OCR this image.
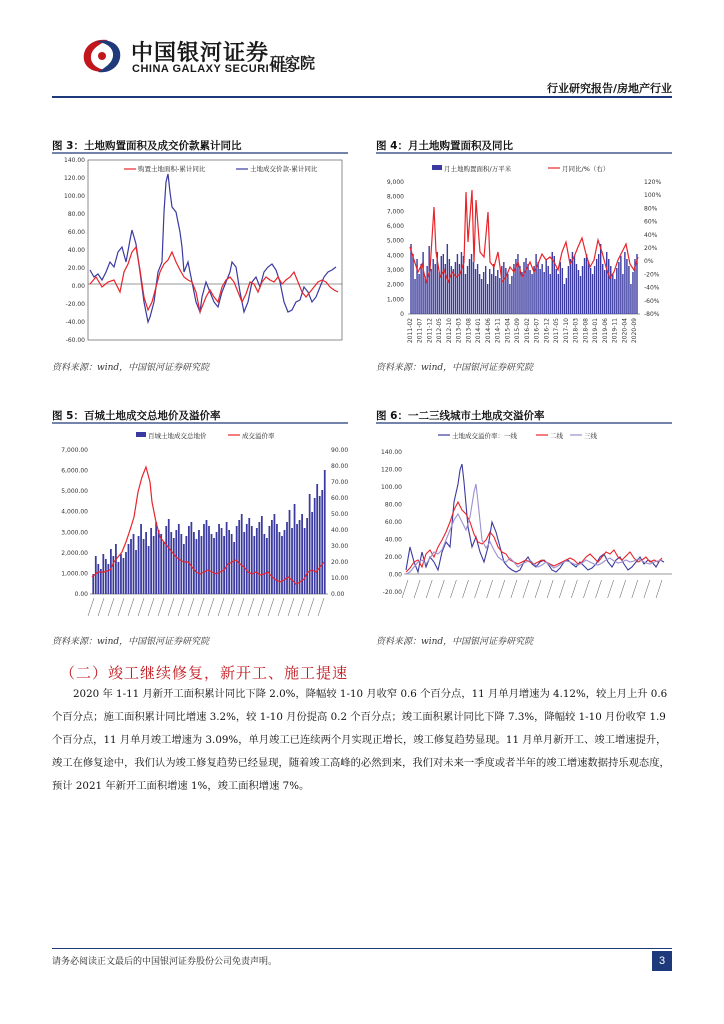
中国银河证券
CHINA GALAXY SECURITIES
研究院
行业研究报告/房地产行业
图 3：土地购置面积及成交价款累计同比
140.00
120.00
100.00
80.00
60.00
40.00
20.00
0.00
-20.00
-40.00
-60.00
购置土地面积-累计同比	土地成交价款-累计同比
资料来源：wind，中国银河证券研究院
图 4：月土地购置面积及同比
月土地购置面积/万平米	月同比/%（右）
9,000
8,000
7,000
6,000
5,000
4,000
3,000
2,000
1,000
0
120%
100%
80%
60%
40%
20%
0%
-20%
-40%
-60%
-80%
2011-02 2011-07 2011-12 2012-05 2012-10 2013-03 2013-08 2014-01 2014-06 2014-11 2015-04 2015-09 2016-02 2016-07 2016-12 2017-05 2017-10 2018-03 2018-08 2019-01 2019-06 2019-11 2020-04 2020-09
资料来源：wind，中国银河证券研究院
图 5：百城土地成交总地价及溢价率
百城土地成交总地价	成交溢价率
7,000.00
6,000.00
5,000.00
4,000.00
3,000.00
2,000.00
1,000.00
0.00
90.00
80.00
70.00
60.00
50.00
40.00
30.00
20.00
10.00
0.00
资料来源：wind，中国银河证券研究院
图 6：一二三线城市土地成交溢价率
土地成交溢价率：一线	二线	三线
140.00
120.00
100.00
80.00
60.00
40.00
20.00
0.00
-20.00
资料来源：wind，中国银河证券研究院
（二）竣工继续修复，新开工、施工提速
2020 年 1-11 月新开工面积累计同比下降 2.0%，降幅较 1-10 月收窄 0.6 个百分点，11 月单月增速为 4.12%，较上月上升 0.6 个百分点；施工面积累计同比增速 3.2%，较 1-10 月份提高 0.2 个百分点；竣工面积累计同比下降 7.3%，降幅较 1-10 月份收窄 1.9 个百分点，11 月单月竣工增速为 3.09%，单月竣工已连续两个月实现正增长，竣工修复趋势显现。11 月单月新开工、竣工增速提升，竣工在修复途中，我们认为竣工修复趋势已经显现，随着竣工高峰的必然到来，我们对未来一季度或者半年的竣工增速数据持乐观态度，预计 2021 年新开工面积增速 1%，竣工面积增速 7%。
请务必阅读正文最后的中国银河证券股份公司免责声明。	3
